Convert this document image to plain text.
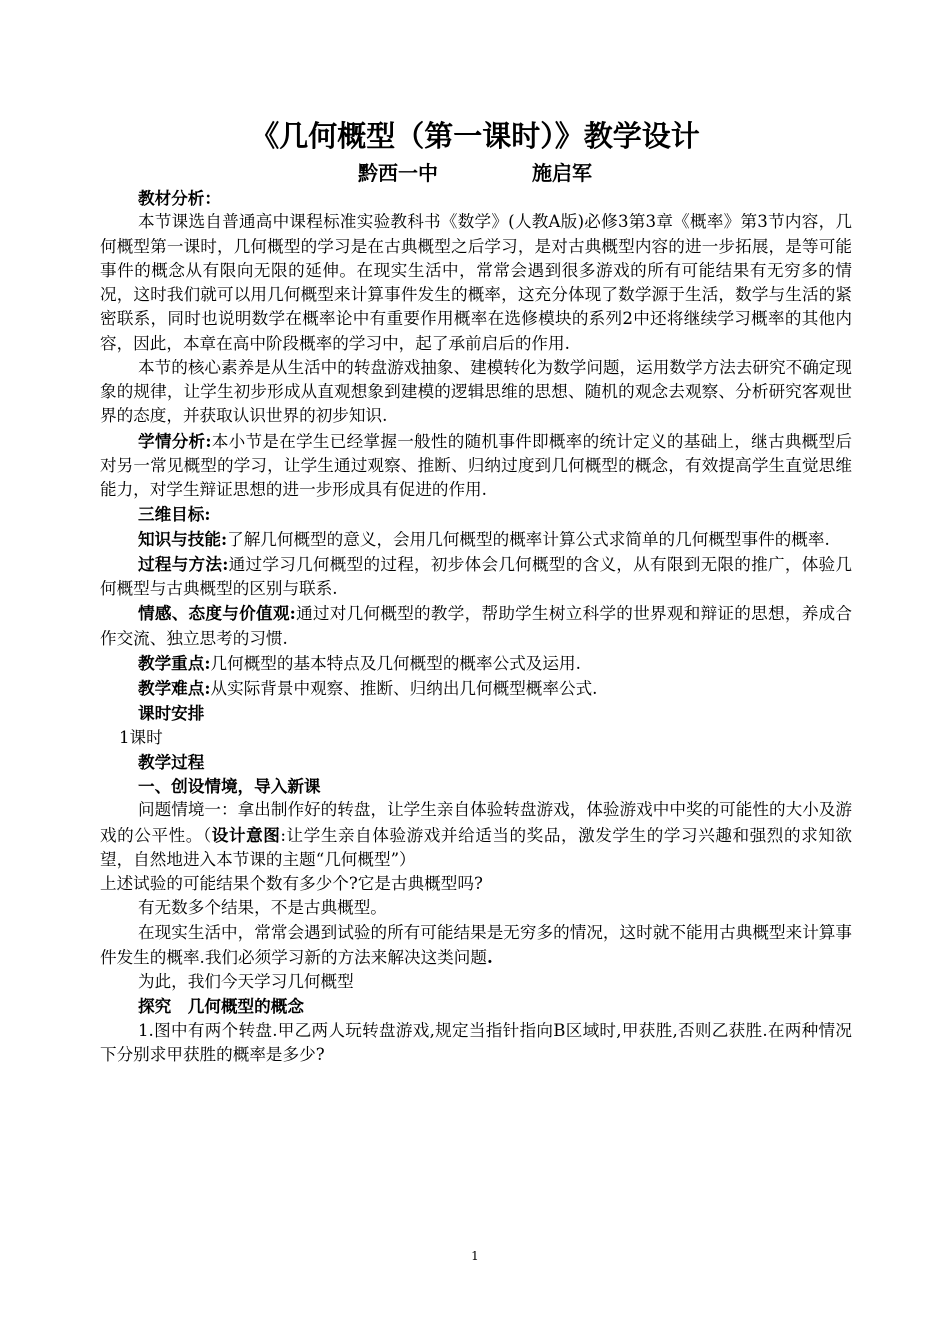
《几何概型（第一课时）》教学设计
黔西一中	施启军

教材分析：

本节课选自普通高中课程标准实验教科书《数学》(人教A版)必修3第3章《概率》第3节内容，几何概型第一课时，几何概型的学习是在古典概型之后学习，是对古典概型内容的进一步拓展，是等可能事件的概念从有限向无限的延伸。在现实生活中，常常会遇到很多游戏的所有可能结果有无穷多的情况，这时我们就可以用几何概型来计算事件发生的概率，这充分体现了数学源于生活，数学与生活的紧密联系，同时也说明数学在概率论中有重要作用概率在选修模块的系列2中还将继续学习概率的其他内容，因此，本章在高中阶段概率的学习中，起了承前启后的作用.

本节的核心素养是从生活中的转盘游戏抽象、建模转化为数学问题，运用数学方法去研究不确定现象的规律，让学生初步形成从直观想象到建模的逻辑思维的思想、随机的观念去观察、分析研究客观世界的态度，并获取认识世界的初步知识.

学情分析:本小节是在学生已经掌握一般性的随机事件即概率的统计定义的基础上，继古典概型后对另一常见概型的学习，让学生通过观察、推断、归纳过度到几何概型的概念，有效提高学生直觉思维能力，对学生辩证思想的进一步形成具有促进的作用.

三维目标:

知识与技能:了解几何概型的意义，会用几何概型的概率计算公式求简单的几何概型事件的概率.

过程与方法:通过学习几何概型的过程，初步体会几何概型的含义，从有限到无限的推广，体验几何概型与古典概型的区别与联系.

情感、态度与价值观:通过对几何概型的教学，帮助学生树立科学的世界观和辩证的思想，养成合作交流、独立思考的习惯.

教学重点:几何概型的基本特点及几何概型的概率公式及运用.

教学难点:从实际背景中观察、推断、归纳出几何概型概率公式.

课时安排

1课时

教学过程

一、创设情境，导入新课

问题情境一：拿出制作好的转盘，让学生亲自体验转盘游戏，体验游戏中中奖的可能性的大小及游戏的公平性。（设计意图:让学生亲自体验游戏并给适当的奖品，激发学生的学习兴趣和强烈的求知欲望，自然地进入本节课的主题“几何概型”）

上述试验的可能结果个数有多少个?它是古典概型吗?

有无数多个结果，不是古典概型。

在现实生活中，常常会遇到试验的所有可能结果是无穷多的情况，这时就不能用古典概型来计算事件发生的概率.我们必须学习新的方法来解决这类问题.

为此，我们今天学习几何概型

探究　几何概型的概念

1.图中有两个转盘.甲乙两人玩转盘游戏,规定当指针指向B区域时,甲获胜,否则乙获胜.在两种情况下分别求甲获胜的概率是多少?

1
